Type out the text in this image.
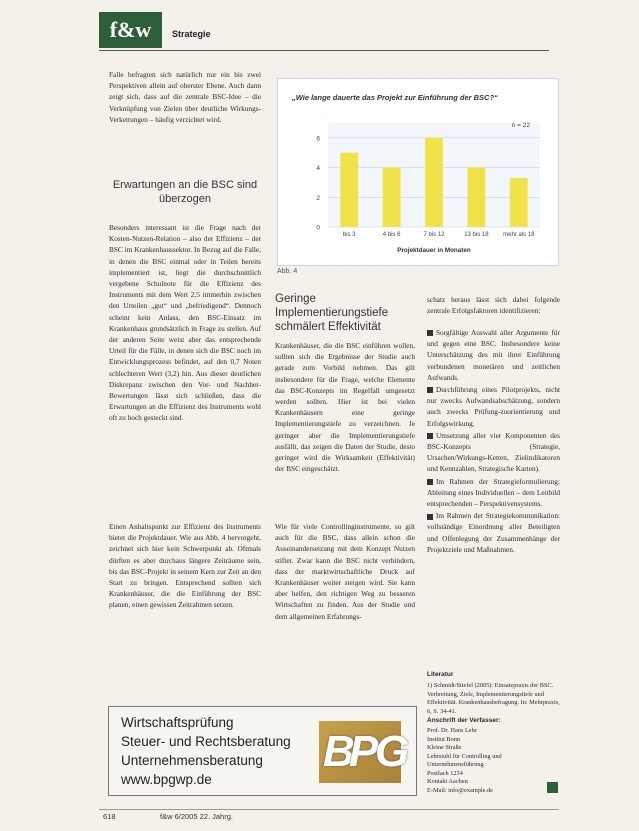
f&w	Strategie
Falle befragten sich natürlich nur ein bis zwei Perspektiven allein auf oberster Ebene. Auch dann zeigt sich, dass auf die zentrale BSC-Idee – die Verknüpfung von Zielen über deutliche Wirkungs-Verkettungen – häufig verzichtet wird.
Erwartungen an die BSC sind überzogen
Besonders interessant ist die Frage nach der Kosten-Nutzen-Relation – also der Effizienz – der BSC im Krankenhaussektor. In Bezug auf die Falle, in denen die BSC einmal oder in Teilen bereits implementiert ist, liegt die durchschnittlich vergebene Schulnote für die Effizienz des Instruments mit dem Wert 2,5 immerhin zwischen den Urteilen „gut“ und „befriedigend“. Dennoch scheint kein Anlass, den BSC-Einsatz im Krankenhaus grundsätzlich in Frage zu stellen. Auf der anderen Seite weist aber das entsprechende Urteil für die Fälle, in denen sich die BSC noch im Entwicklungsprozess befindet, auf den 0,7 Noten schlechteren Wert (3,2) hin. Aus dieser deutlichen Diskrepanz zwischen den Vor- und Nachher-Bewertungen lässt sich schließen, dass die Erwartungen an die Effizienz des Instruments wohl oft zu hoch gesteckt sind.
Einen Anhaltspunkt zur Effizienz des Instruments bietet die Projektdauer. Wie aus Abb. 4 hervorgeht, zeichnet sich hier kein Schwerpunkt ab. Oftmals dürften es aber durchaus längere Zeiträume sein, bis das BSC-Projekt in seinem Kern zur Zeit an den Start zu bringen. Entsprechend sollten sich Krankenhäuser, die die Einführung der BSC planen, einen gewissen Zeitrahmen setzen.
„Wie lange dauerte das Projekt zur Einführung der BSC?“
0
2
4
6
n = 22
bis 3	4 bis 6	7 bis 12	13 bis 18 mehr als 18
Projektdauer in Monaten
Abb. 4
Geringe Implementierungstiefe schmälert Effektivität
Krankenhäuser, die die BSC einführen wollen, sollten sich die Ergebnisse der Studie auch gerade zum Vorbild nehmen. Das gilt insbesondere für die Frage, welche Elemente das BSC-Konzepts im Regelfall umgesetzt werden sollten. Hier ist bei vielen Krankenhäusern eine geringe Implementierungstiefe zu verzeichnen. Je geringer aber die Implementierungstiefe ausfällt, das zeigen die Daten der Studie, desto geringer wird die Wirksamkeit (Effektivität) der BSC eingeschätzt.
Wie für viele Controllinginstrumente, so gilt auch für die BSC, dass allein schon die Auseinandersetzung mit dem Konzept Nutzen stiftet. Zwar kann die BSC nicht verhindern, dass der marktwirtschaftliche Druck auf Krankenhäuser weiter steigen wird. Sie kann aber helfen, den richtigen Weg zu besseren Wirtschaften zu finden. Aus der Studie und dem allgemeinen Erfahrungs-
schatz heraus lässt sich dabei folgende zentrale Erfolgsfaktoren identifizieren:
Sorgfältige Auswahl aller Argumente für und gegen eine BSC. Insbesondere keine Unterschätzung des mit ihrer Einführung verbundenen monetären und zeitlichen Aufwands.
Durchführung eines Pilotprojekts, nicht nur zwecks Aufwandsabschätzung, sondern auch zwecks Prüfung-zuorientierung und Erfolgswirkung.
Umsetzung aller vier Komponenten des BSC-Konzepts (Strategie, Ursachen/Wirkungs-Ketten, Zielindikatoren und Kennzahlen, Strategische Karten).
Im Rahmen der Strategieformulierung: Ableitung eines Individuellen – dem Leitbild entsprechenden – Perspektivensystems.
Im Rahmen der Strategiekommunikation: vollständige Einordnung aller Beteiligten und Offenlegung der Zusammenhänge der Projektziele und Maßnahmen.
Literatur
1) Schmidt/Stiefel (2005): Einsatzpraxis der BSC. Verbreitung, Ziele, Implementierungstiefe und Effektivität. Krankenhausbefragung. In: Mehrpraxis, 6, S. 34-41.
Anschrift der Verfasser:
Prof. Dr. Hans Lehr
Institut Bonn
Kleine Straße
Lehrstuhl für Controlling und Unternehmensführung
Postfach 1234
Kontakt Aachen
E-Mail: info@example.de
Wirtschaftsprüfung
Steuer- und Rechtsberatung
Unternehmensberatung
www.bpgwp.de
B
P
G
618	f&w 6/2005 22. Jahrg.
